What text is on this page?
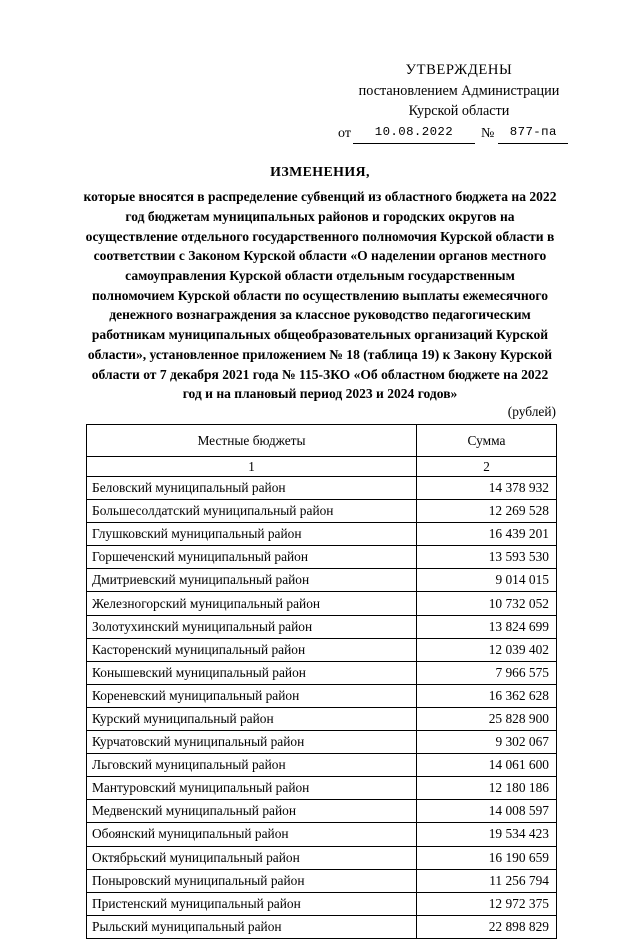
УТВЕРЖДЕНЫ
постановлением Администрации
Курской области
от	10.08.2022	№	877-па
ИЗМЕНЕНИЯ,
которые вносятся в распределение субвенций из областного бюджета на 2022 год бюджетам муниципальных районов и городских округов на осуществление отдельного государственного полномочия Курской области в соответствии с Законом Курской области «О наделении органов местного самоуправления Курской области отдельным государственным полномочием Курской области по осуществлению выплаты ежемесячного денежного вознаграждения за классное руководство педагогическим работникам муниципальных общеобразовательных организаций Курской области», установленное приложением № 18 (таблица 19) к Закону Курской области от 7 декабря 2021 года № 115-ЗКО «Об областном бюджете на 2022 год и на плановый период 2023 и 2024 годов»
(рублей)
Местные бюджеты	Сумма
1	2
Беловский муниципальный район	14 378 932
Большесолдатский муниципальный район	12 269 528
Глушковский муниципальный район	16 439 201
Горшеченский муниципальный район	13 593 530
Дмитриевский муниципальный район	9 014 015
Железногорский муниципальный район	10 732 052
Золотухинский муниципальный район	13 824 699
Касторенский муниципальный район	12 039 402
Конышевский муниципальный район	7 966 575
Кореневский муниципальный район	16 362 628
Курский муниципальный район	25 828 900
Курчатовский муниципальный район	9 302 067
Льговский муниципальный район	14 061 600
Мантуровский муниципальный район	12 180 186
Медвенский муниципальный район	14 008 597
Обоянский муниципальный район	19 534 423
Октябрьский муниципальный район	16 190 659
Поныровский муниципальный район	11 256 794
Пристенский муниципальный район	12 972 375
Рыльский муниципальный район	22 898 829
